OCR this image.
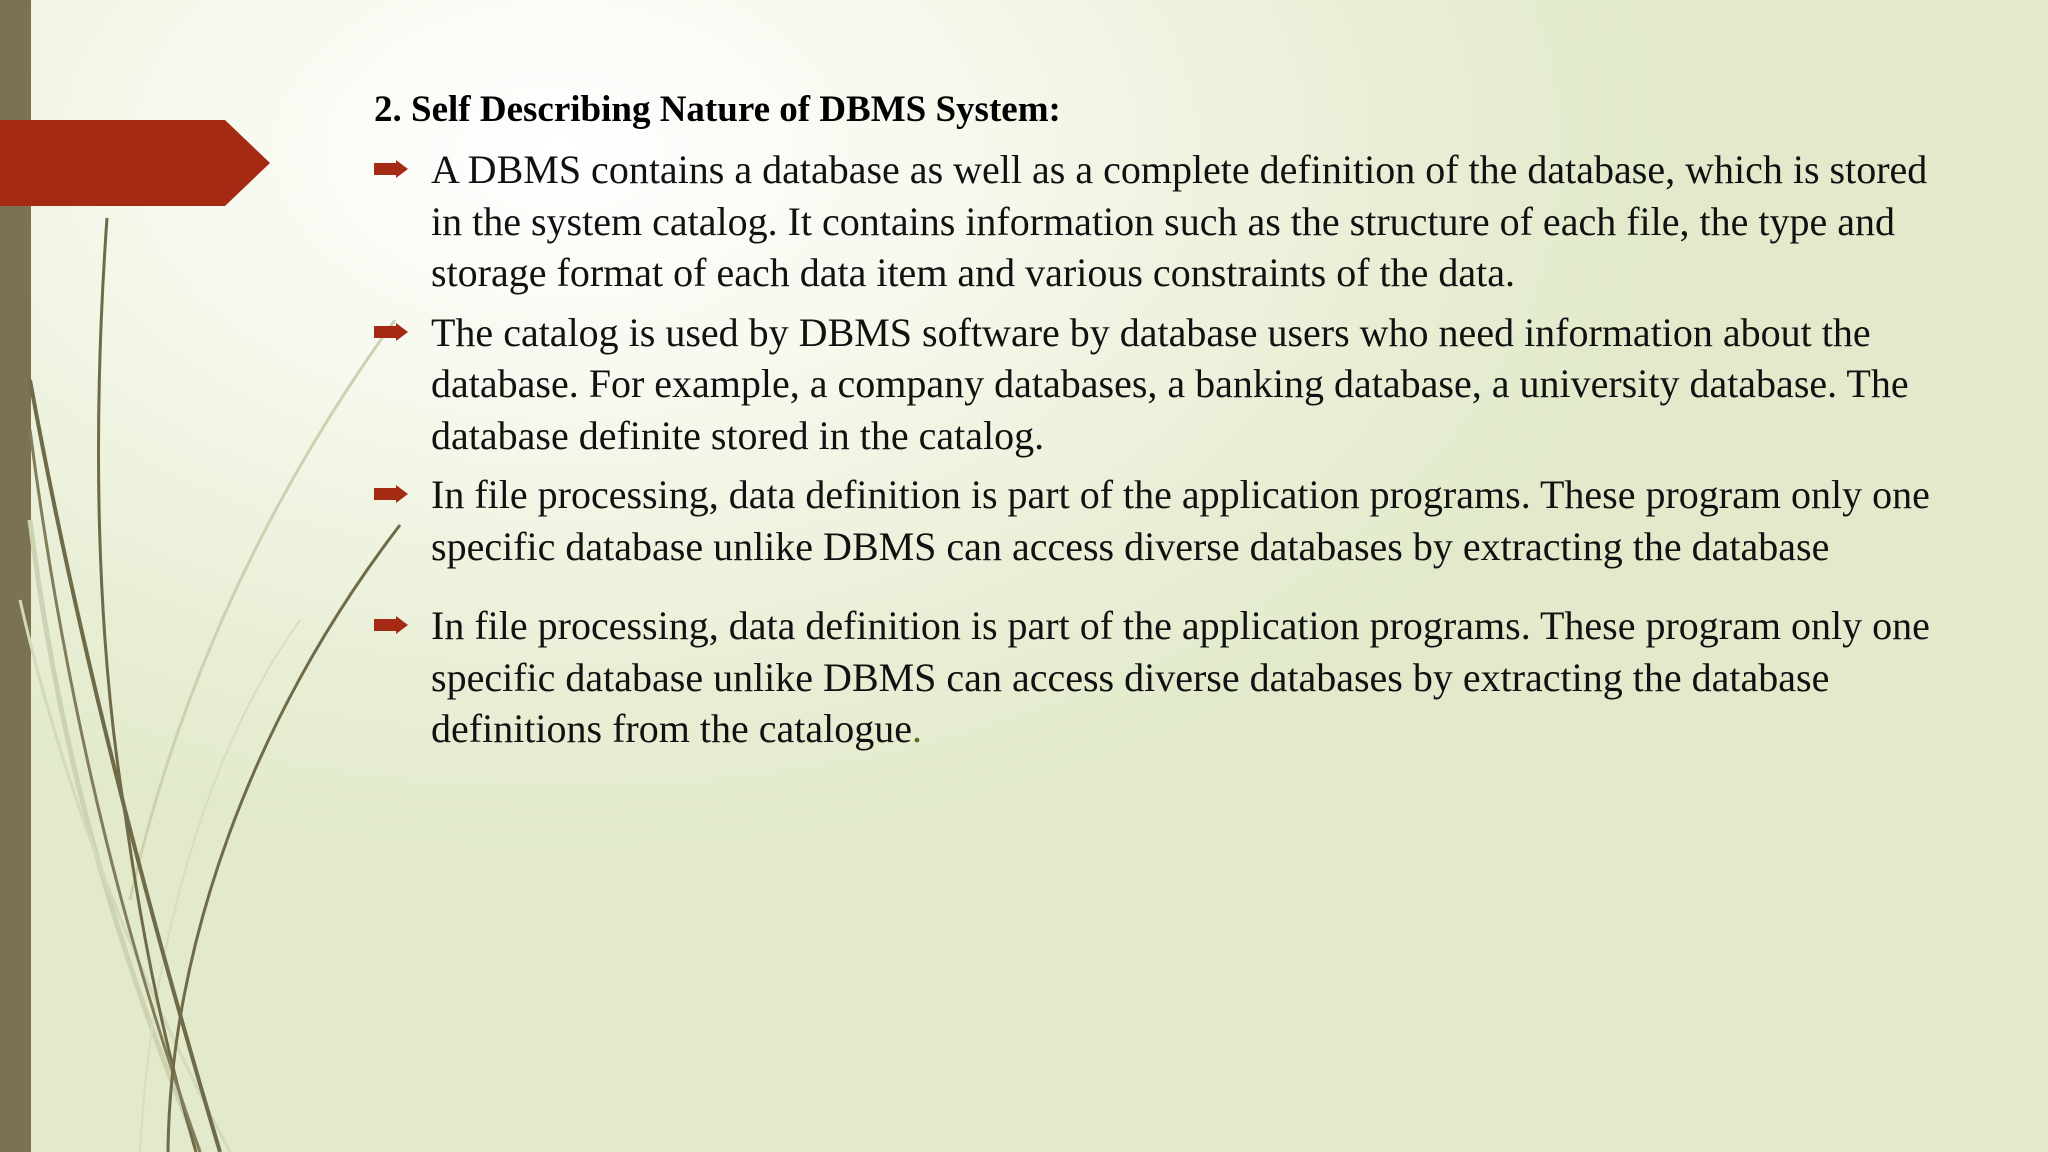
2. Self Describing Nature of DBMS System:
A DBMS contains a database as well as a complete definition of the database, which is stored in the system catalog. It contains information such as the structure of each file, the type and storage format of each data item and various constraints of the data.
The catalog is used by DBMS software by database users who need information about the database. For example, a company databases, a banking database, a university database. The database definite stored in the catalog.
In file processing, data definition is part of the application programs. These program only one specific database unlike DBMS can access diverse databases by extracting the database
In file processing, data definition is part of the application programs. These program only one specific database unlike DBMS can access diverse databases by extracting the database definitions from the catalogue.
